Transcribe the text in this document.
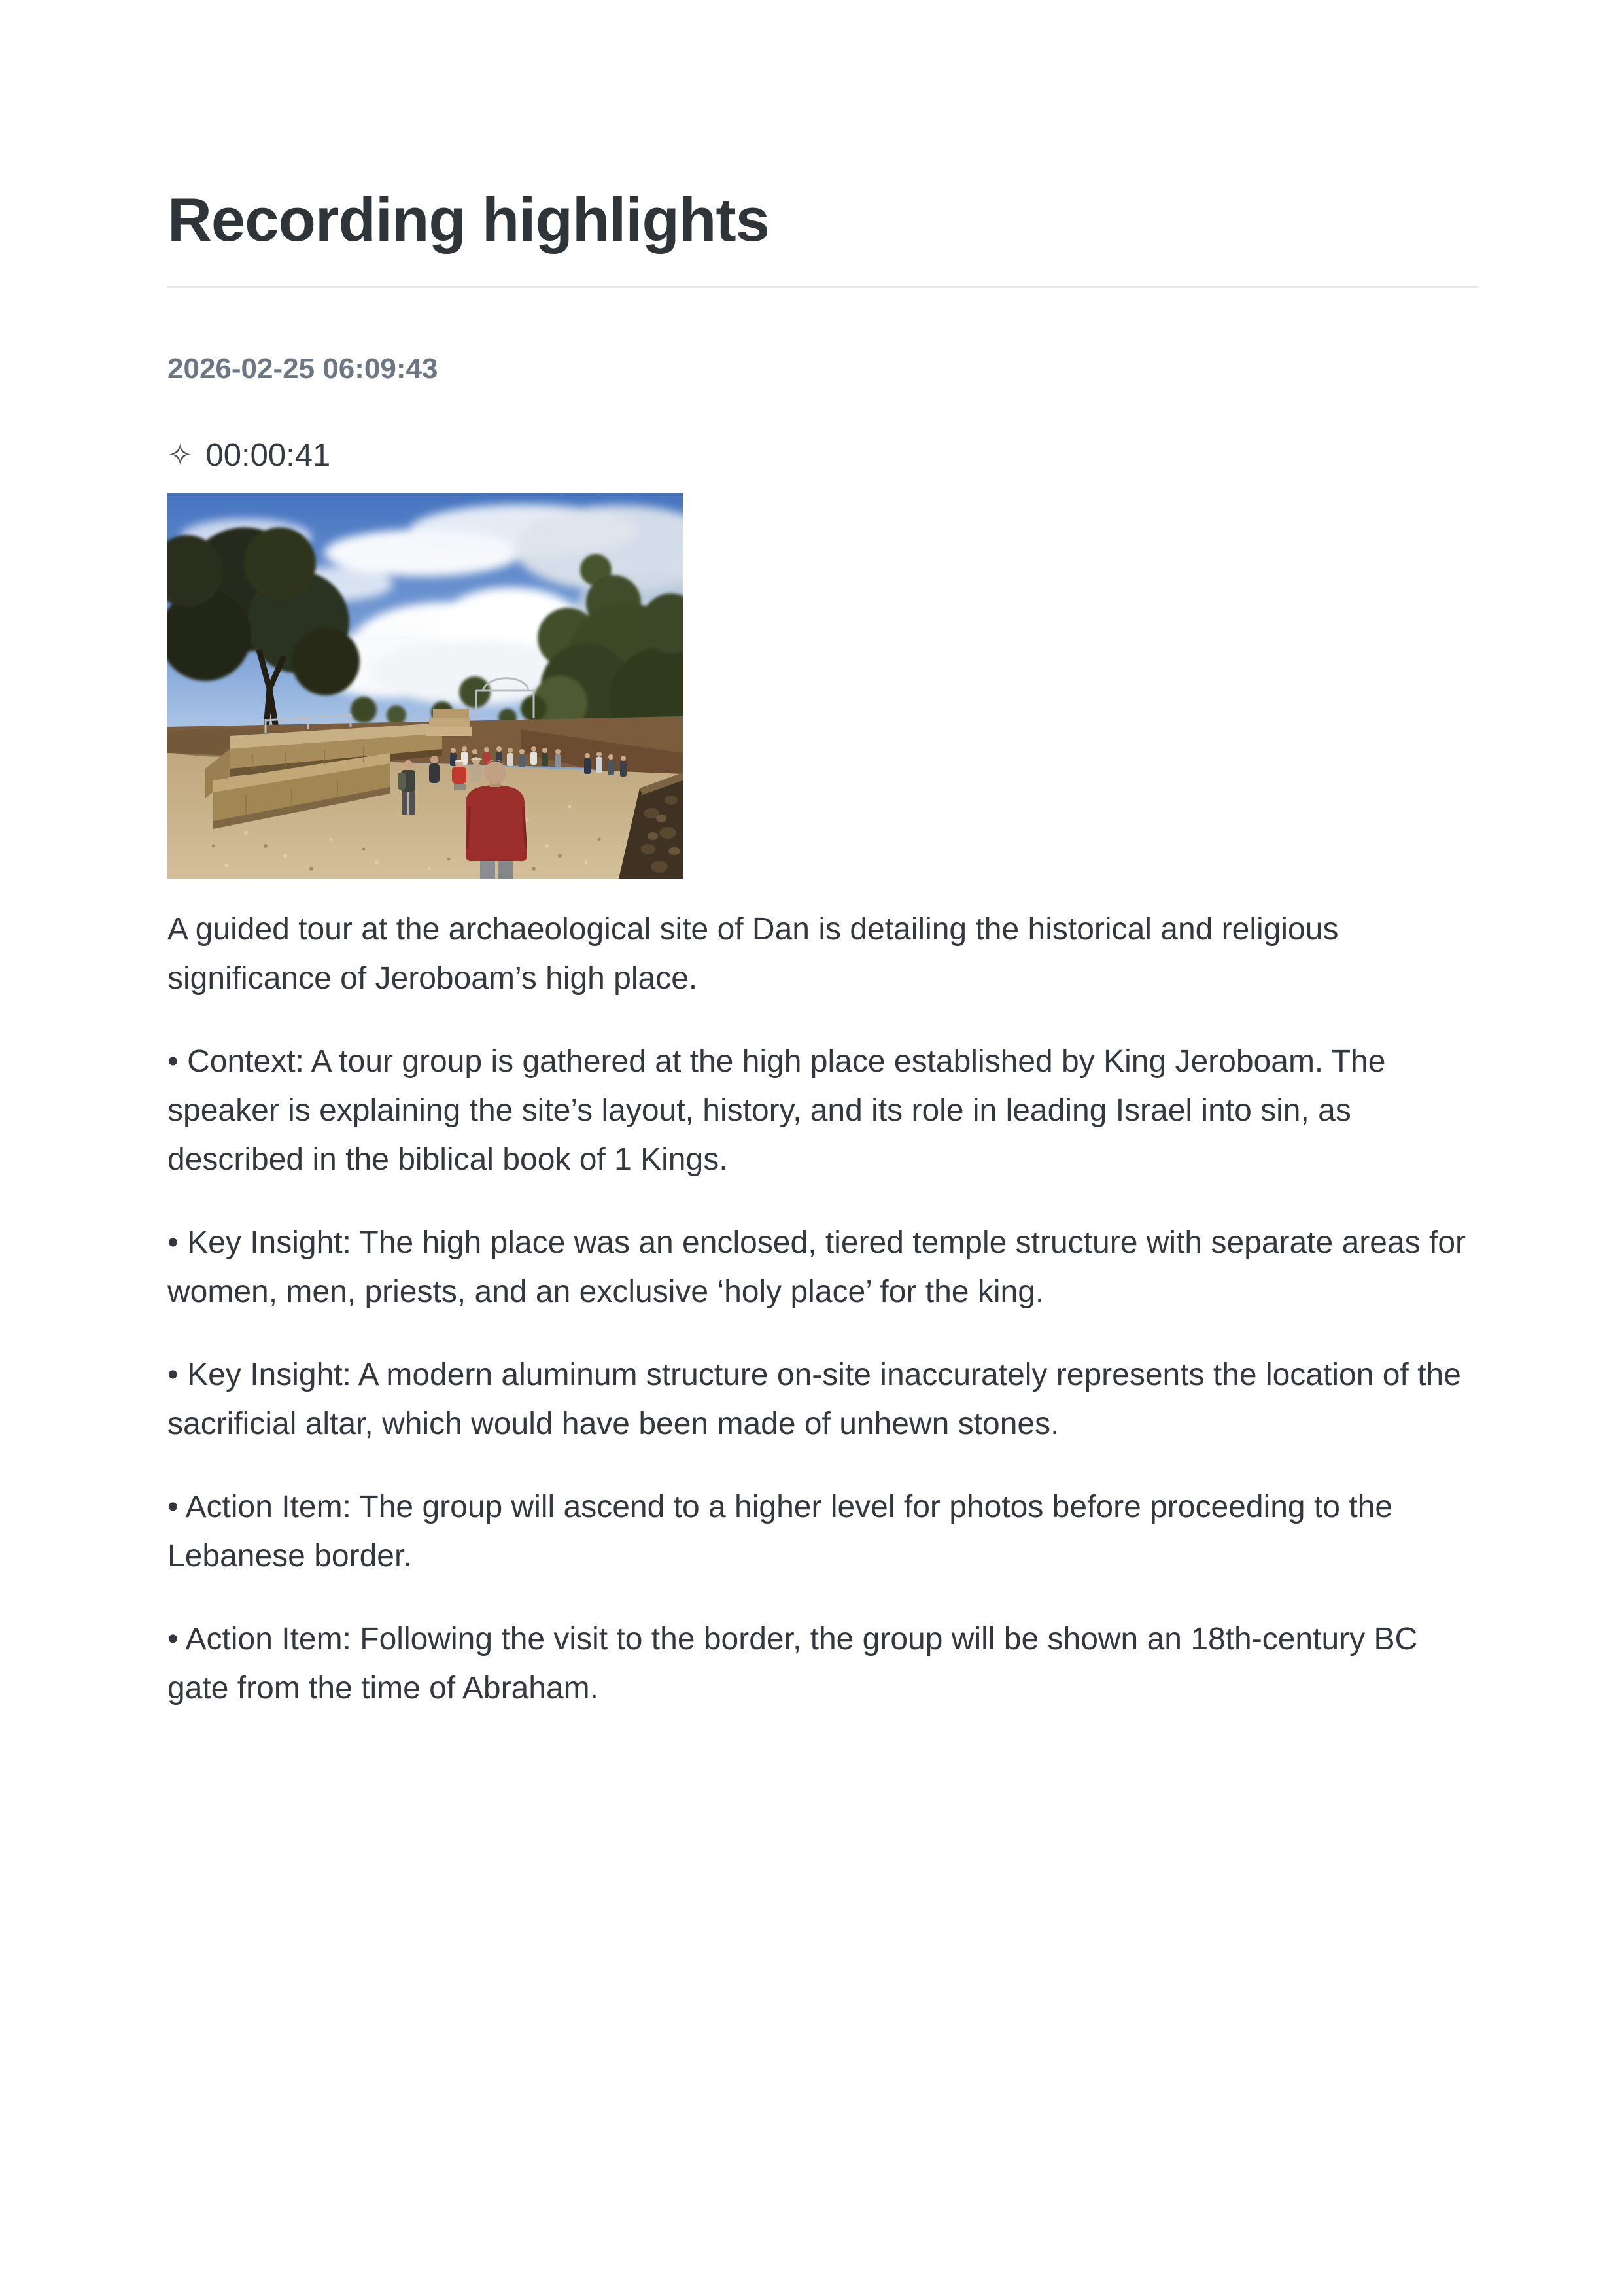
Recording highlights
2026-02-25 06:09:43
✧ 00:00:41

A guided tour at the archaeological site of Dan is detailing the historical and religious significance of Jeroboam’s high place.

• Context: A tour group is gathered at the high place established by King Jeroboam. The speaker is explaining the site’s layout, history, and its role in leading Israel into sin, as described in the biblical book of 1 Kings.

• Key Insight: The high place was an enclosed, tiered temple structure with separate areas for women, men, priests, and an exclusive ‘holy place’ for the king.

• Key Insight: A modern aluminum structure on-site inaccurately represents the location of the sacrificial altar, which would have been made of unhewn stones.

• Action Item: The group will ascend to a higher level for photos before proceeding to the Lebanese border.

• Action Item: Following the visit to the border, the group will be shown an 18th-century BC gate from the time of Abraham.
